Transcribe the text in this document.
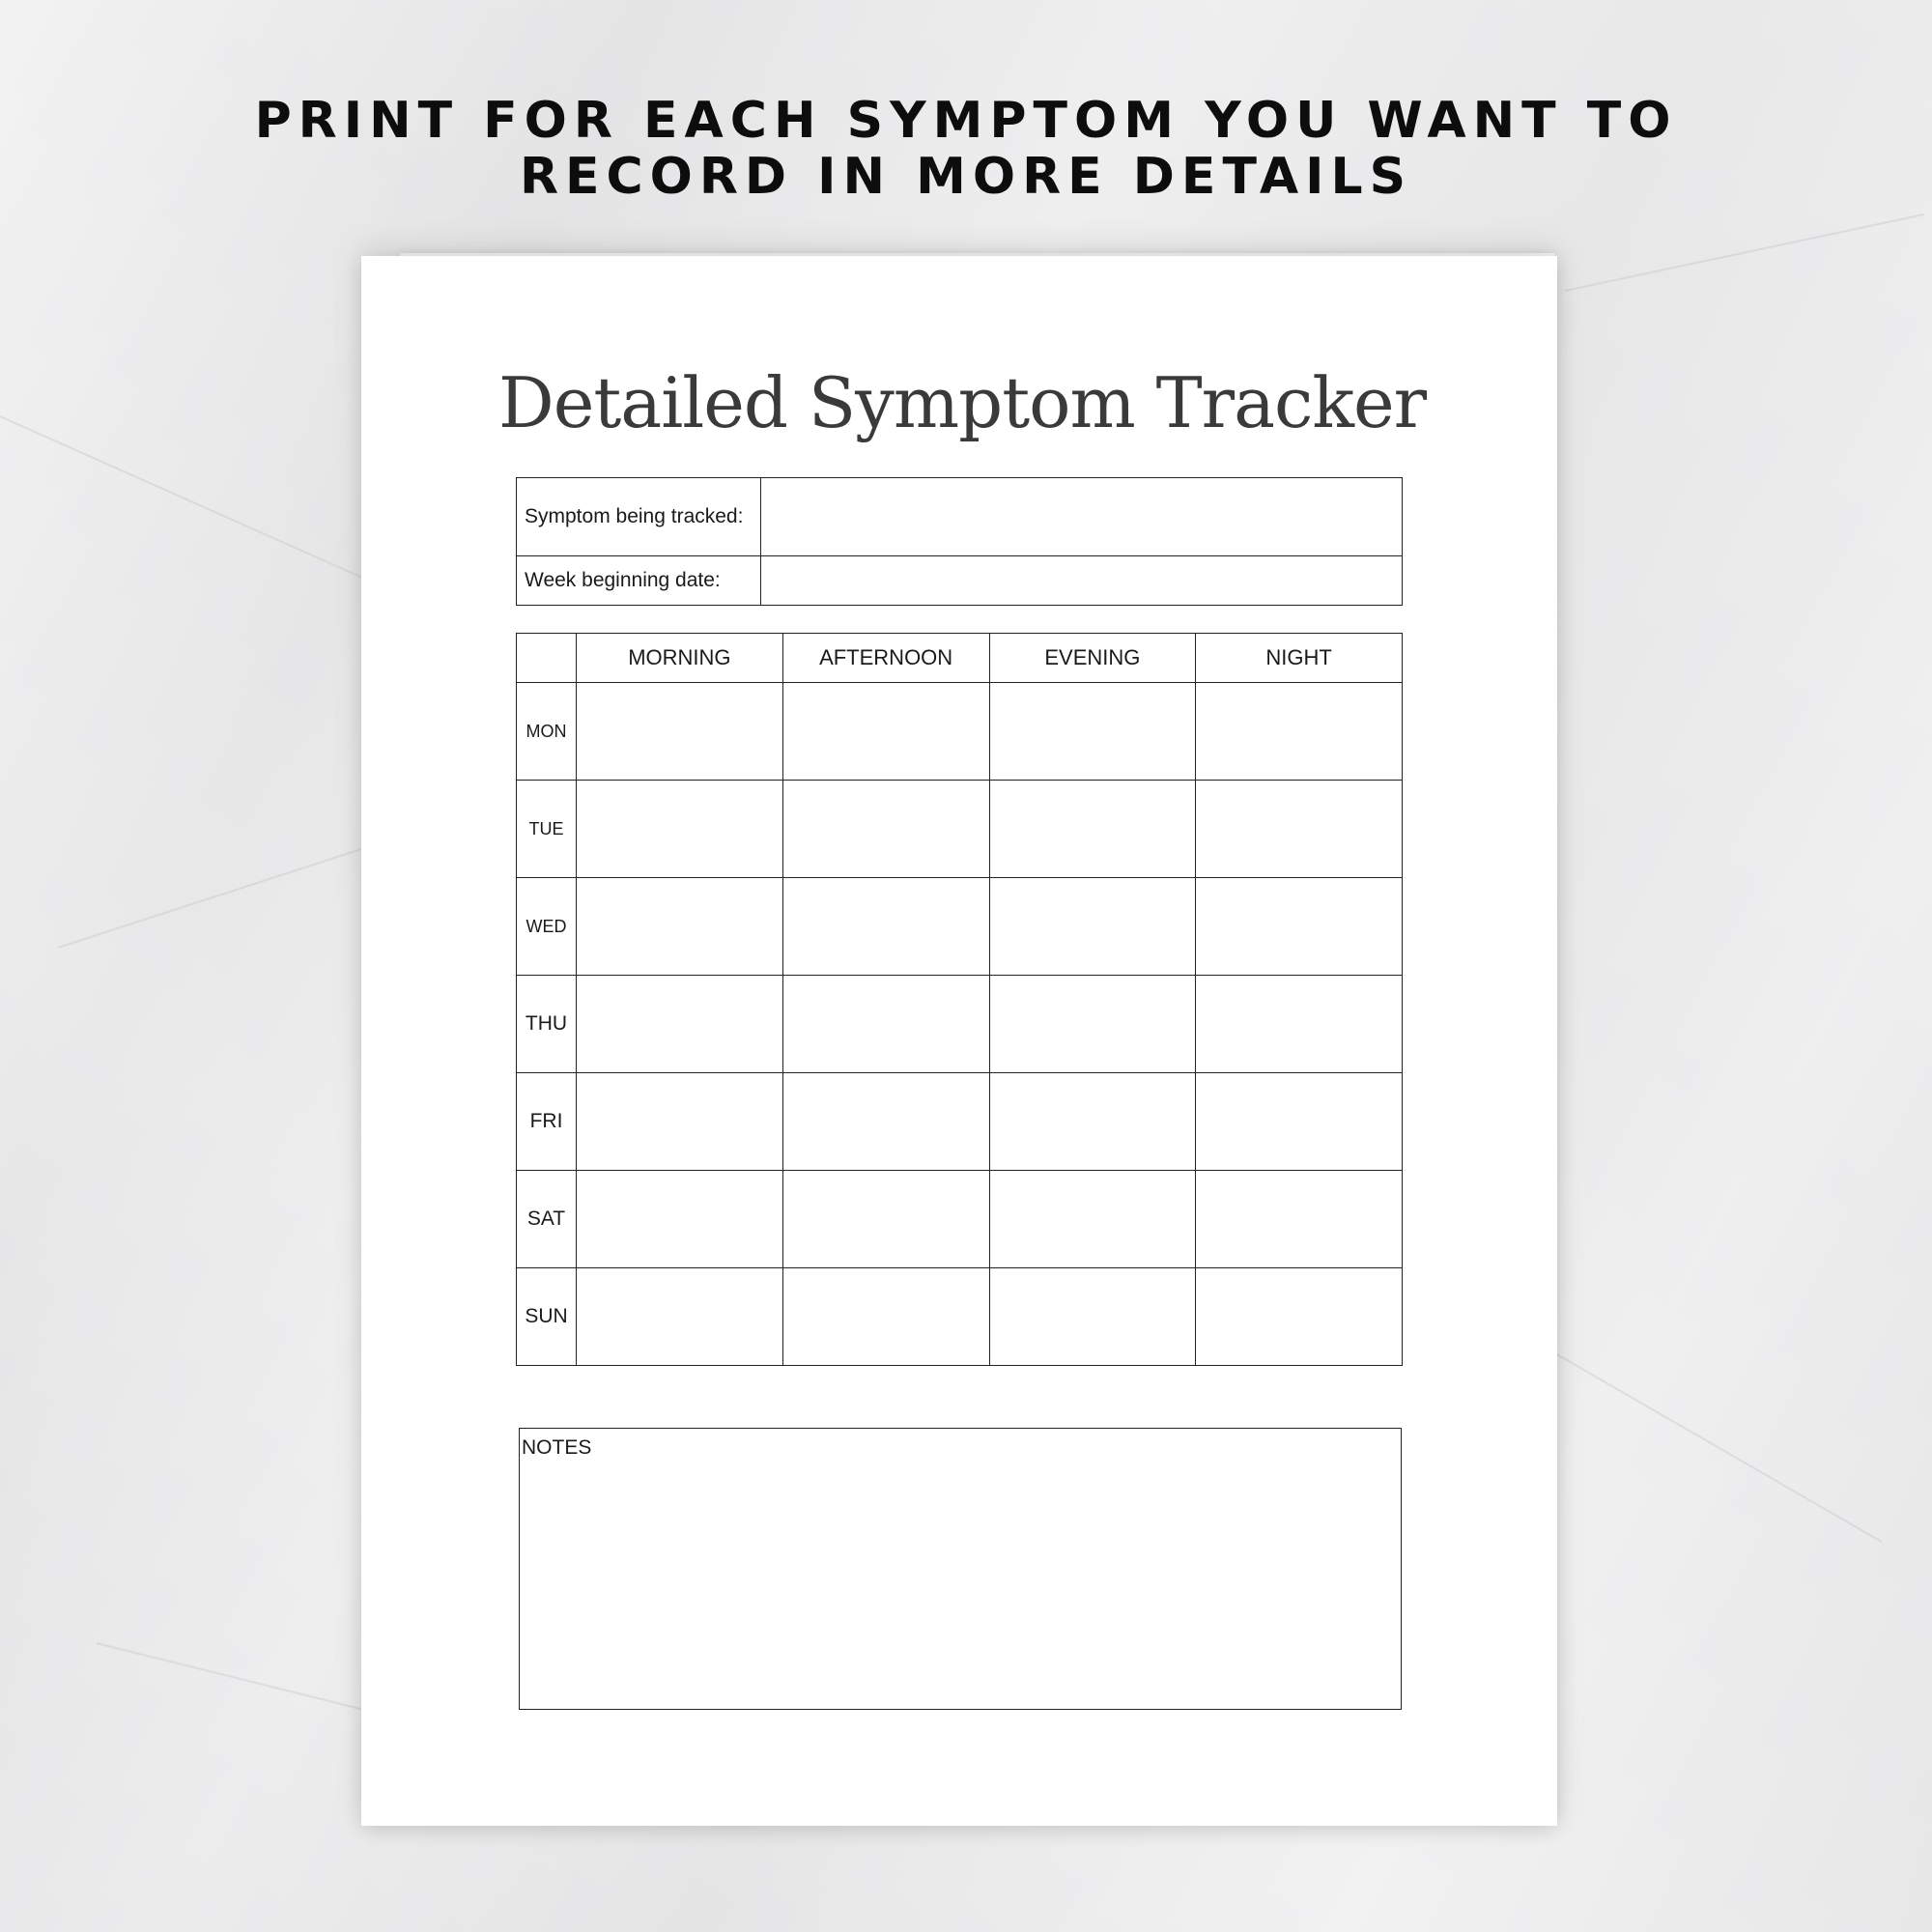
PRINT FOR EACH SYMPTOM YOU WANT TO
RECORD IN MORE DETAILS
Detailed Symptom Tracker
Symptom being tracked:	
Week beginning date:	
	MORNING	AFTERNOON	EVENING	NIGHT
MON				
TUE				
WED				
THU				
FRI				
SAT				
SUN				
NOTES
